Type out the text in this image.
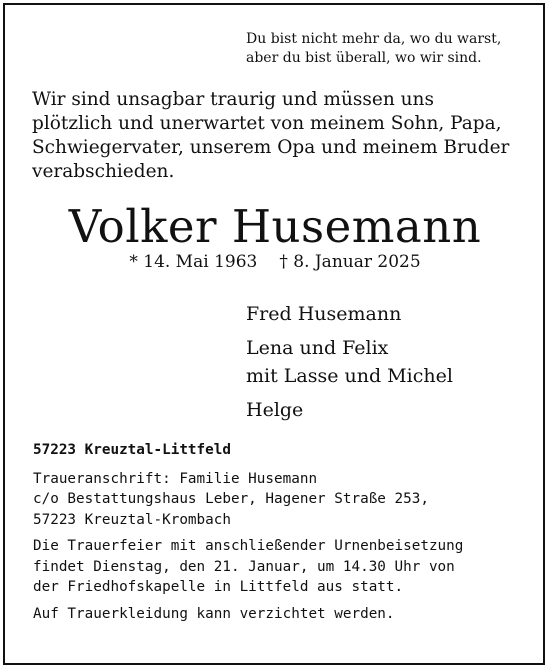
Du bist nicht mehr da, wo du warst,
aber du bist überall, wo wir sind.
Wir sind unsagbar traurig und müssen uns
plötzlich und unerwartet von meinem Sohn, Papa,
Schwiegervater, unserem Opa und meinem Bruder
verabschieden.
Volker Husemann
* 14. Mai 1963 † 8. Januar 2025
Fred Husemann
Lena und Felix
mit Lasse und Michel
Helge
57223 Kreuztal-Littfeld
Traueranschrift: Familie Husemann
c/o Bestattungshaus Leber, Hagener Straße 253,
57223 Kreuztal-Krombach
Die Trauerfeier mit anschließender Urnenbeisetzung
findet Dienstag, den 21. Januar, um 14.30 Uhr von
der Friedhofskapelle in Littfeld aus statt.
Auf Trauerkleidung kann verzichtet werden.
